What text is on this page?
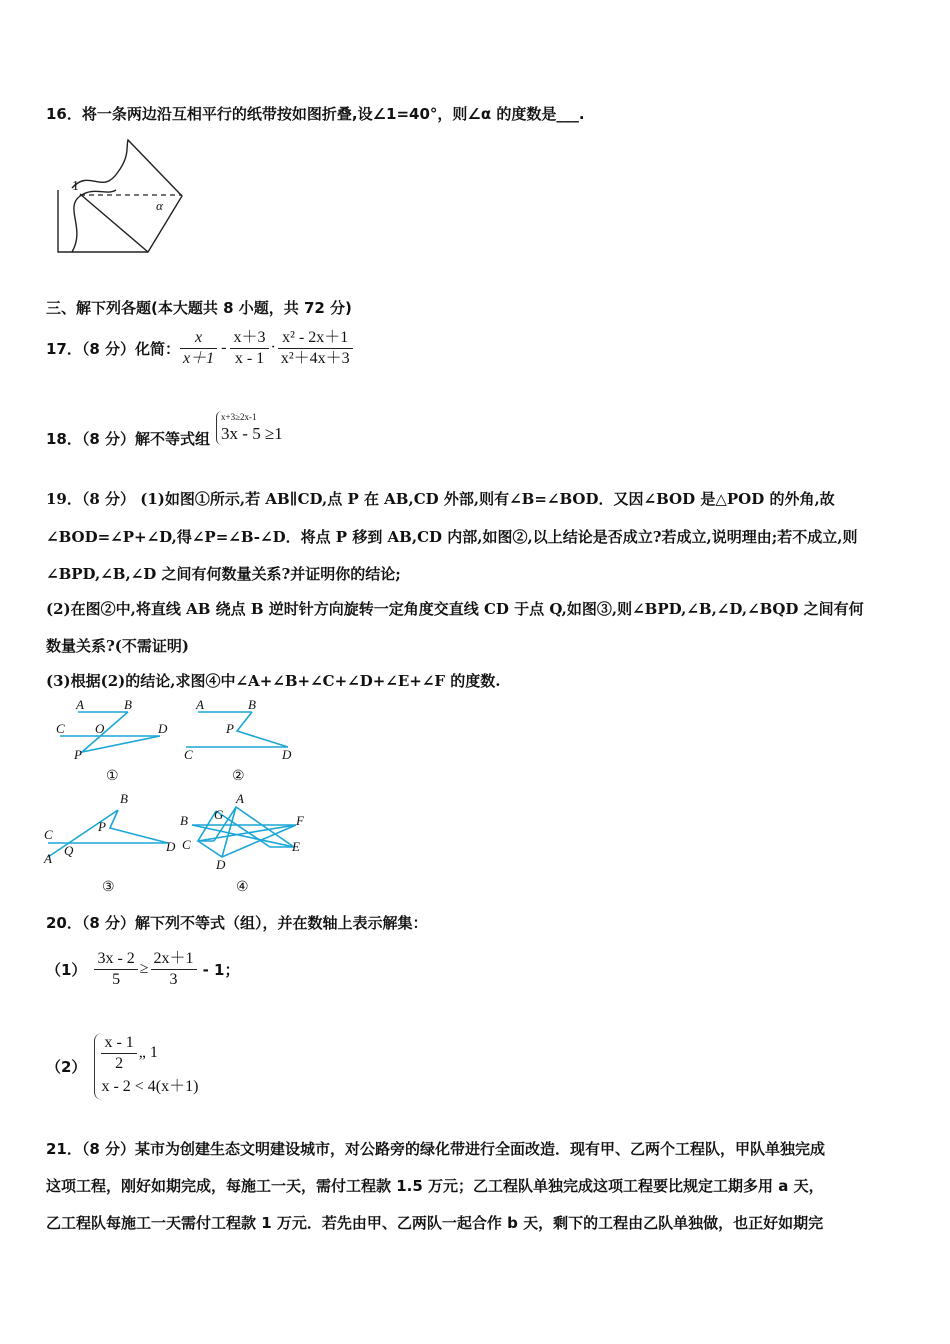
16．将一条两边沿互相平行的纸带按如图折叠,设∠1=40°，则∠α 的度数是___.
1
α
三、解下列各题(本大题共 8 小题，共 72 分)
17．（8 分）化简： $\frac{x}{x+1} - \frac{x+3}{x - 1} \cdot \frac{\text{x² - 2x＋1}}{\text{x²＋4x＋3}}$
18．（8 分）解不等式组
x+3≥2x-1
3x - 5 ≥1
19．（8 分） (1)如图①所示,若 AB∥CD,点 P 在 AB,CD 外部,则有∠B=∠BOD．又因∠BOD 是△POD 的外角,故
∠BOD=∠P+∠D,得∠P=∠B-∠D．将点 P 移到 AB,CD 内部,如图②,以上结论是否成立?若成立,说明理由;若不成立,则
∠BPD,∠B,∠D 之间有何数量关系?并证明你的结论;
(2)在图②中,将直线 AB 绕点 B 逆时针方向旋转一定角度交直线 CD 于点 Q,如图③,则∠BPD,∠B,∠D,∠BQD 之间有何
数量关系?(不需证明)
(3)根据(2)的结论,求图④中∠A+∠B+∠C+∠D+∠E+∠F 的度数.
A	B
C O	D
P
①
A	B
P
C	D
②
B
P
C
A
Q	D
③
A
G
B	F
C	E
D
④
20．（8 分）解下列不等式（组），并在数轴上表示解集：
$(1) \frac{3x - 2}{5} \ge \frac{2x+1}{3} - 1$；
$(2) \frac{x - 1}{2}$ „ 1
x - 2 < 4(x＋1)
21．（8 分）某市为创建生态文明建设城市，对公路旁的绿化带进行全面改造．现有甲、乙两个工程队，甲队单独完成
这项工程，刚好如期完成，每施工一天，需付工程款 1.5 万元；乙工程队单独完成这项工程要比规定工期多用 a 天，
乙工程队每施工一天需付工程款 1 万元．若先由甲、乙两队一起合作 b 天，剩下的工程由乙队单独做，也正好如期完
